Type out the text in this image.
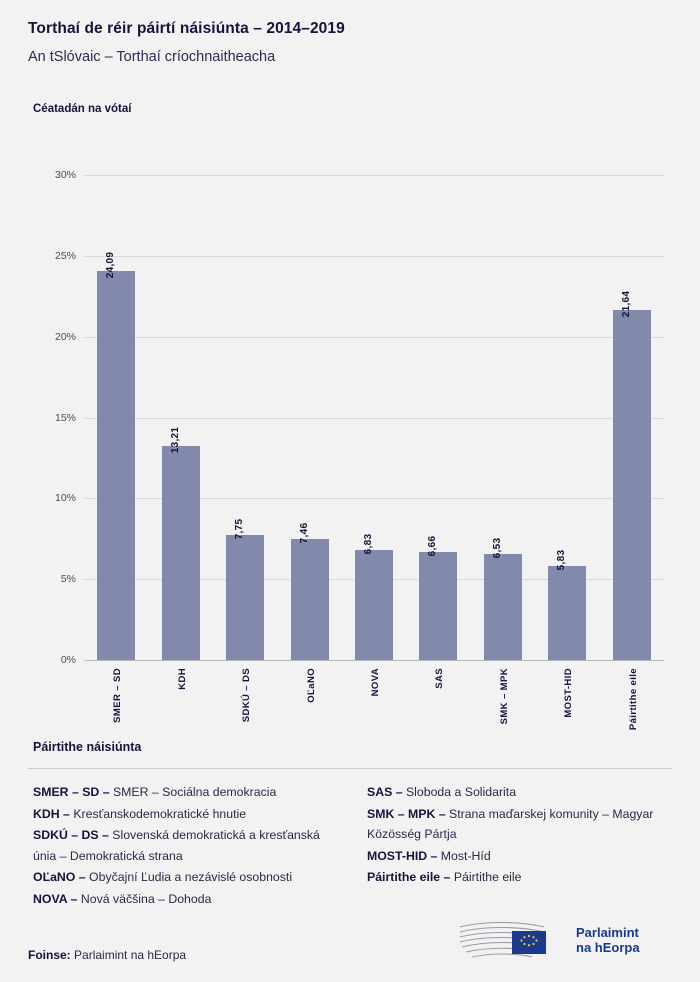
Torthaí de réir páirtí náisiúnta – 2014–2019
An tSlóvaic – Torthaí críochnaitheacha
Céatadán na vótaí
0%
5%
10%
15%
20%
25%
30%
24,09
13,21
7,75	7,46	6,83	6,66	6,53
5,83
21,64
SMER – SD	KDH	SDKÚ – DS	OĽaNO	NOVA	SAS	SMK – MPK	MOST-HID	Páirtithe eile
Páirtithe náisiúnta
SMER – SD – SMER – Sociálna demokracia
KDH – Kresťanskodemokratické hnutie
SDKÚ – DS – Slovenská demokratická a kresťanská únia – Demokratická strana
OĽaNO – Obyčajní Ľudia a nezávislé osobnosti
NOVA – Nová väčšina – Dohoda
SAS – Sloboda a Solidarita
SMK – MPK – Strana maďarskej komunity – Magyar Közösség Pártja
MOST-HID – Most-Híd
Páirtithe eile – Páirtithe eile
Foinse: Parlaimint na hEorpa
Parlaimint
na hEorpa
